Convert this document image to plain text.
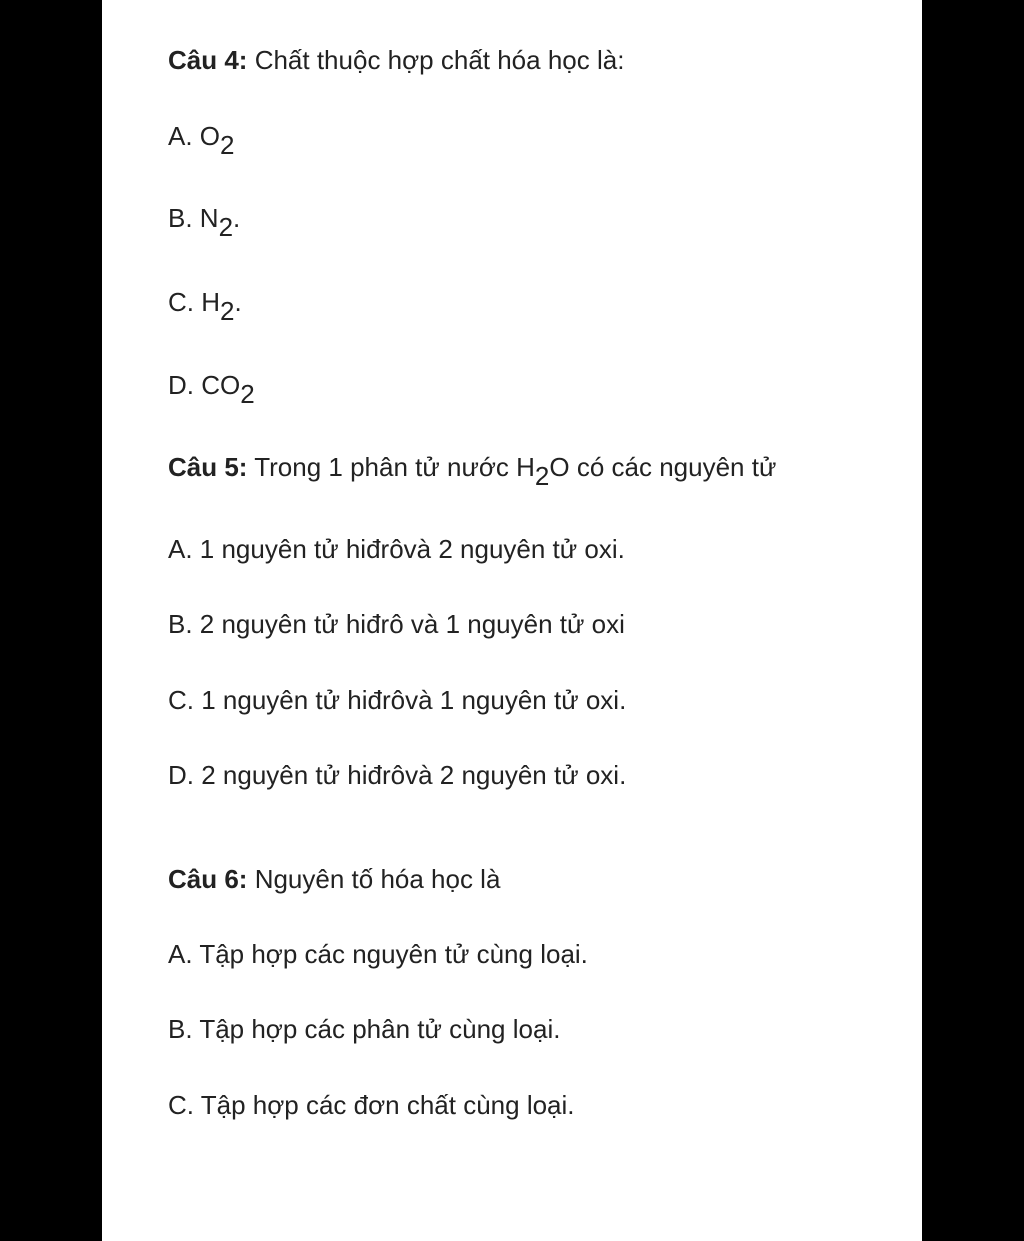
Câu 4: Chất thuộc hợp chất hóa học là:
A. O2
B. N2.
C. H2.
D. CO2
Câu 5: Trong 1 phân tử nước H2O có các nguyên tử
A. 1 nguyên tử hiđrôvà 2 nguyên tử oxi.
B. 2 nguyên tử hiđrô và 1 nguyên tử oxi
C. 1 nguyên tử hiđrôvà 1 nguyên tử oxi.
D. 2 nguyên tử hiđrôvà 2 nguyên tử oxi.
Câu 6: Nguyên tố hóa học là
A. Tập hợp các nguyên tử cùng loại.
B. Tập hợp các phân tử cùng loại.
C. Tập hợp các đơn chất cùng loại.
